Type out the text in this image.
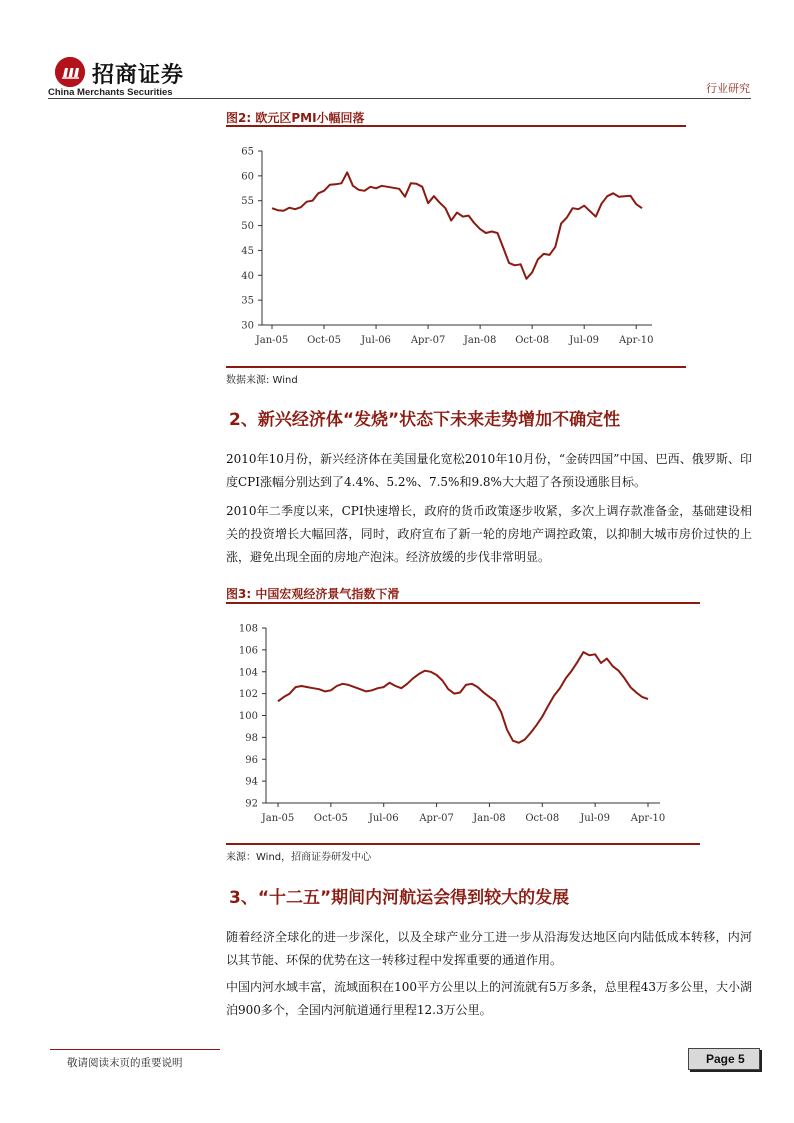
招商证券
China Merchants Securities	行业研究
图2: 欧元区PMI小幅回落
30
35
40
45
50
55
60
65
Jan-05 Oct-05 Jul-06 Apr-07 Jan-08 Oct-08 Jul-09 Apr-10
数据来源: Wind
2、新兴经济体“发烧”状态下未来走势增加不确定性
2010年10月份，新兴经济体在美国量化宽松2010年10月份，“金砖四国”中国、巴西、俄罗斯、印度CPI涨幅分别达到了4.4%、5.2%、7.5%和9.8%大大超了各预设通胀目标。
2010年二季度以来，CPI快速增长，政府的货币政策逐步收紧，多次上调存款准备金，基础建设相关的投资增长大幅回落，同时，政府宣布了新一轮的房地产调控政策，以抑制大城市房价过快的上涨，避免出现全面的房地产泡沫。经济放缓的步伐非常明显。
图3: 中国宏观经济景气指数下滑
92
94
96
98
100
102
104
106
108
Jan-05 Oct-05 Jul-06 Apr-07 Jan-08 Oct-08 Jul-09 Apr-10
来源：Wind，招商证券研发中心
3、“十二五”期间内河航运会得到较大的发展
随着经济全球化的进一步深化，以及全球产业分工进一步从沿海发达地区向内陆低成本转移，内河以其节能、环保的优势在这一转移过程中发挥重要的通道作用。
中国内河水域丰富，流域面积在100平方公里以上的河流就有5万多条，总里程43万多公里，大小湖泊900多个，全国内河航道通行里程12.3万公里。
敬请阅读末页的重要说明	Page 5
